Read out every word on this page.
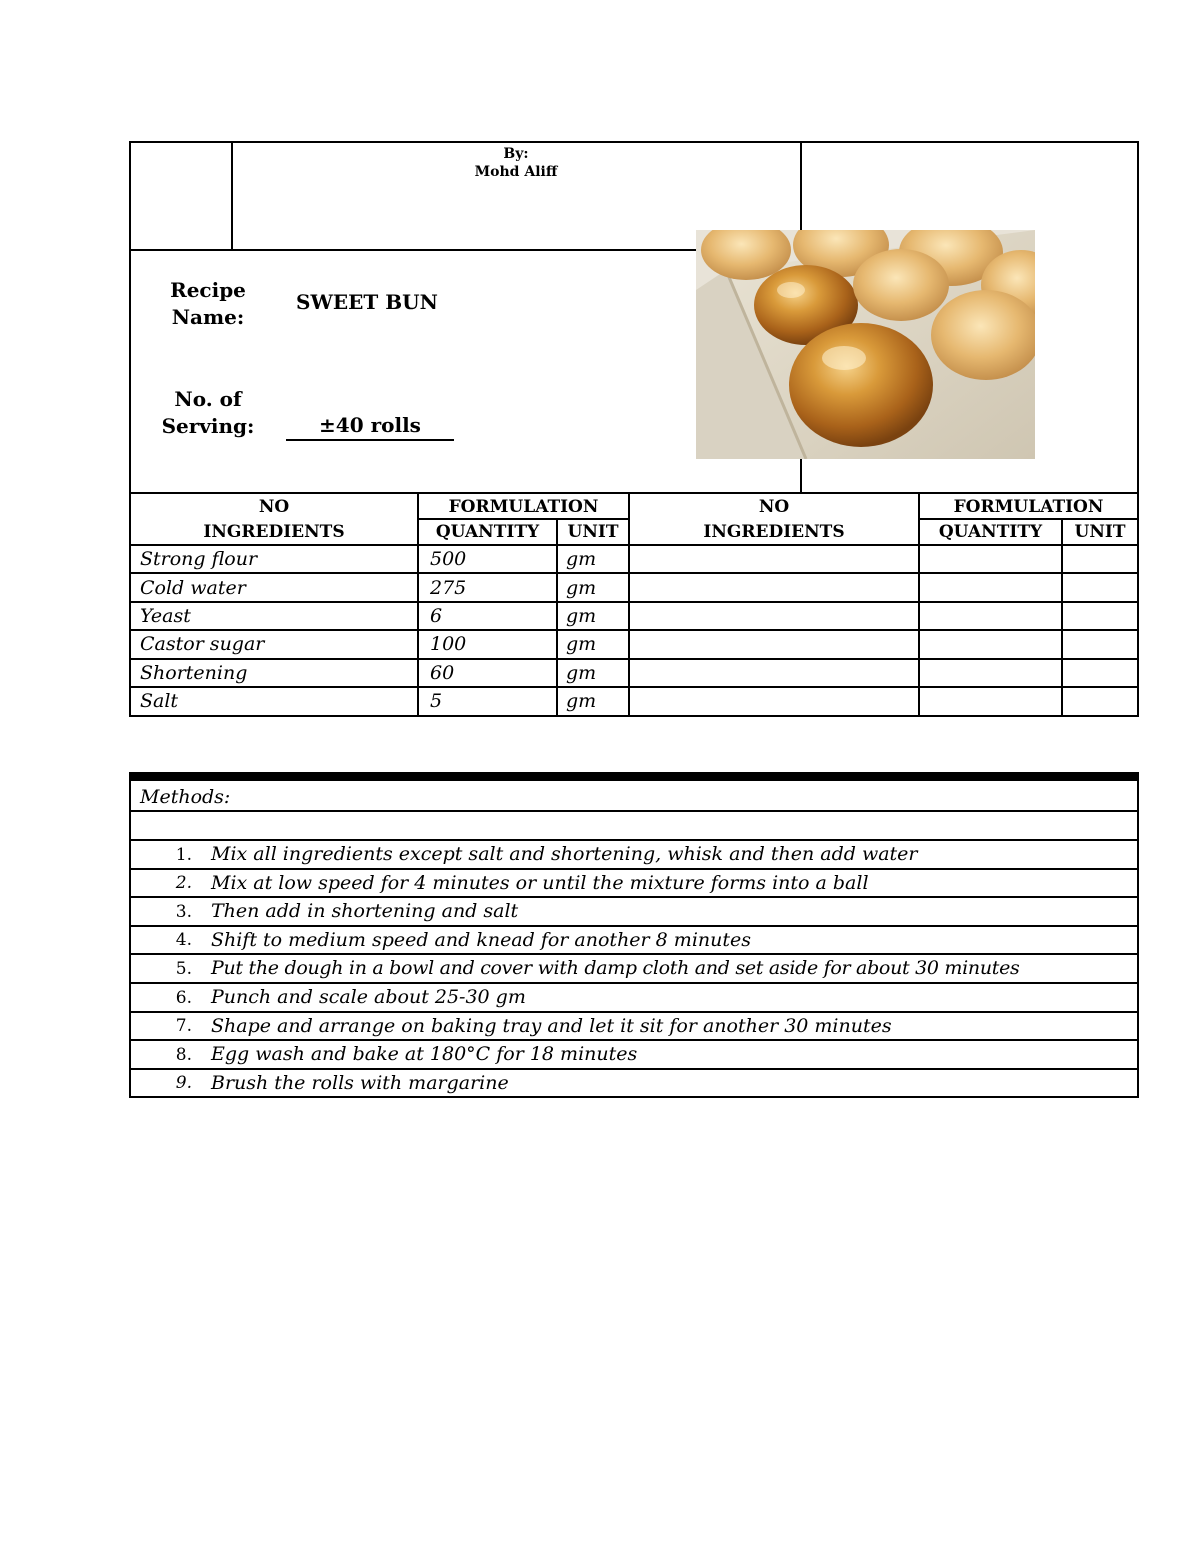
By:
Mohd Aliff
Recipe
Name:
SWEET BUN
No. of
Serving:	±40 rolls
NO
INGREDIENTS
FORMULATION
QUANTITY	UNIT
NO
INGREDIENTS
FORMULATION
QUANTITY	UNIT
Strong flour	500	gm
Cold water	275	gm
Yeast	6	gm
Castor sugar	100	gm
Shortening	60	gm
Salt	5	gm
Methods:
1. Mix all ingredients except salt and shortening, whisk and then add water
2. Mix at low speed for 4 minutes or until the mixture forms into a ball
3. Then add in shortening and salt
4. Shift to medium speed and knead for another 8 minutes
5. Put the dough in a bowl and cover with damp cloth and set aside for about 30 minutes
6. Punch and scale about 25-30 gm
7. Shape and arrange on baking tray and let it sit for another 30 minutes
8. Egg wash and bake at 180°C for 18 minutes
9. Brush the rolls with margarine
